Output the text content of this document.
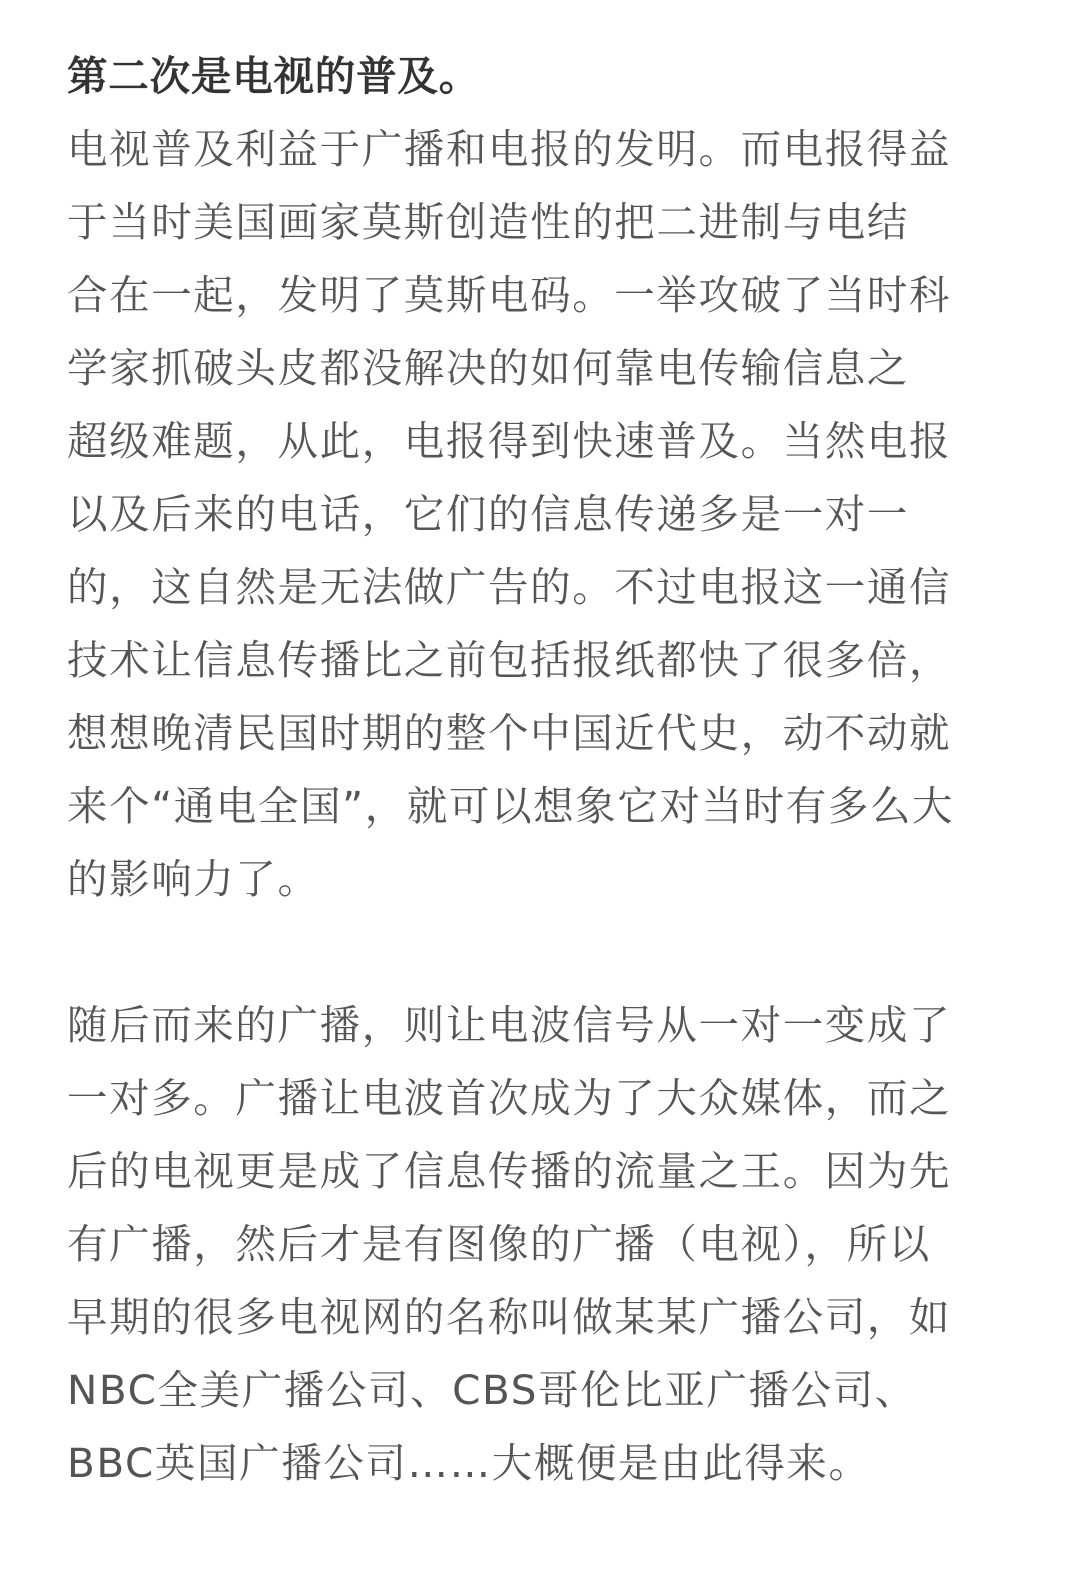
第二次是电视的普及。
电视普及利益于广播和电报的发明。而电报得益
于当时美国画家莫斯创造性的把二进制与电结
合在一起，发明了莫斯电码。一举攻破了当时科
学家抓破头皮都没解决的如何靠电传输信息之
超级难题，从此，电报得到快速普及。当然电报
以及后来的电话，它们的信息传递多是一对一
的，这自然是无法做广告的。不过电报这一通信
技术让信息传播比之前包括报纸都快了很多倍，
想想晚清民国时期的整个中国近代史，动不动就
来个“通电全国”，就可以想象它对当时有多么大
的影响力了。
随后而来的广播，则让电波信号从一对一变成了
一对多。广播让电波首次成为了大众媒体，而之
后的电视更是成了信息传播的流量之王。因为先
有广播，然后才是有图像的广播（电视），所以
早期的很多电视网的名称叫做某某广播公司，如
NBC全美广播公司、CBS哥伦比亚广播公司、
BBC英国广播公司……大概便是由此得来。
